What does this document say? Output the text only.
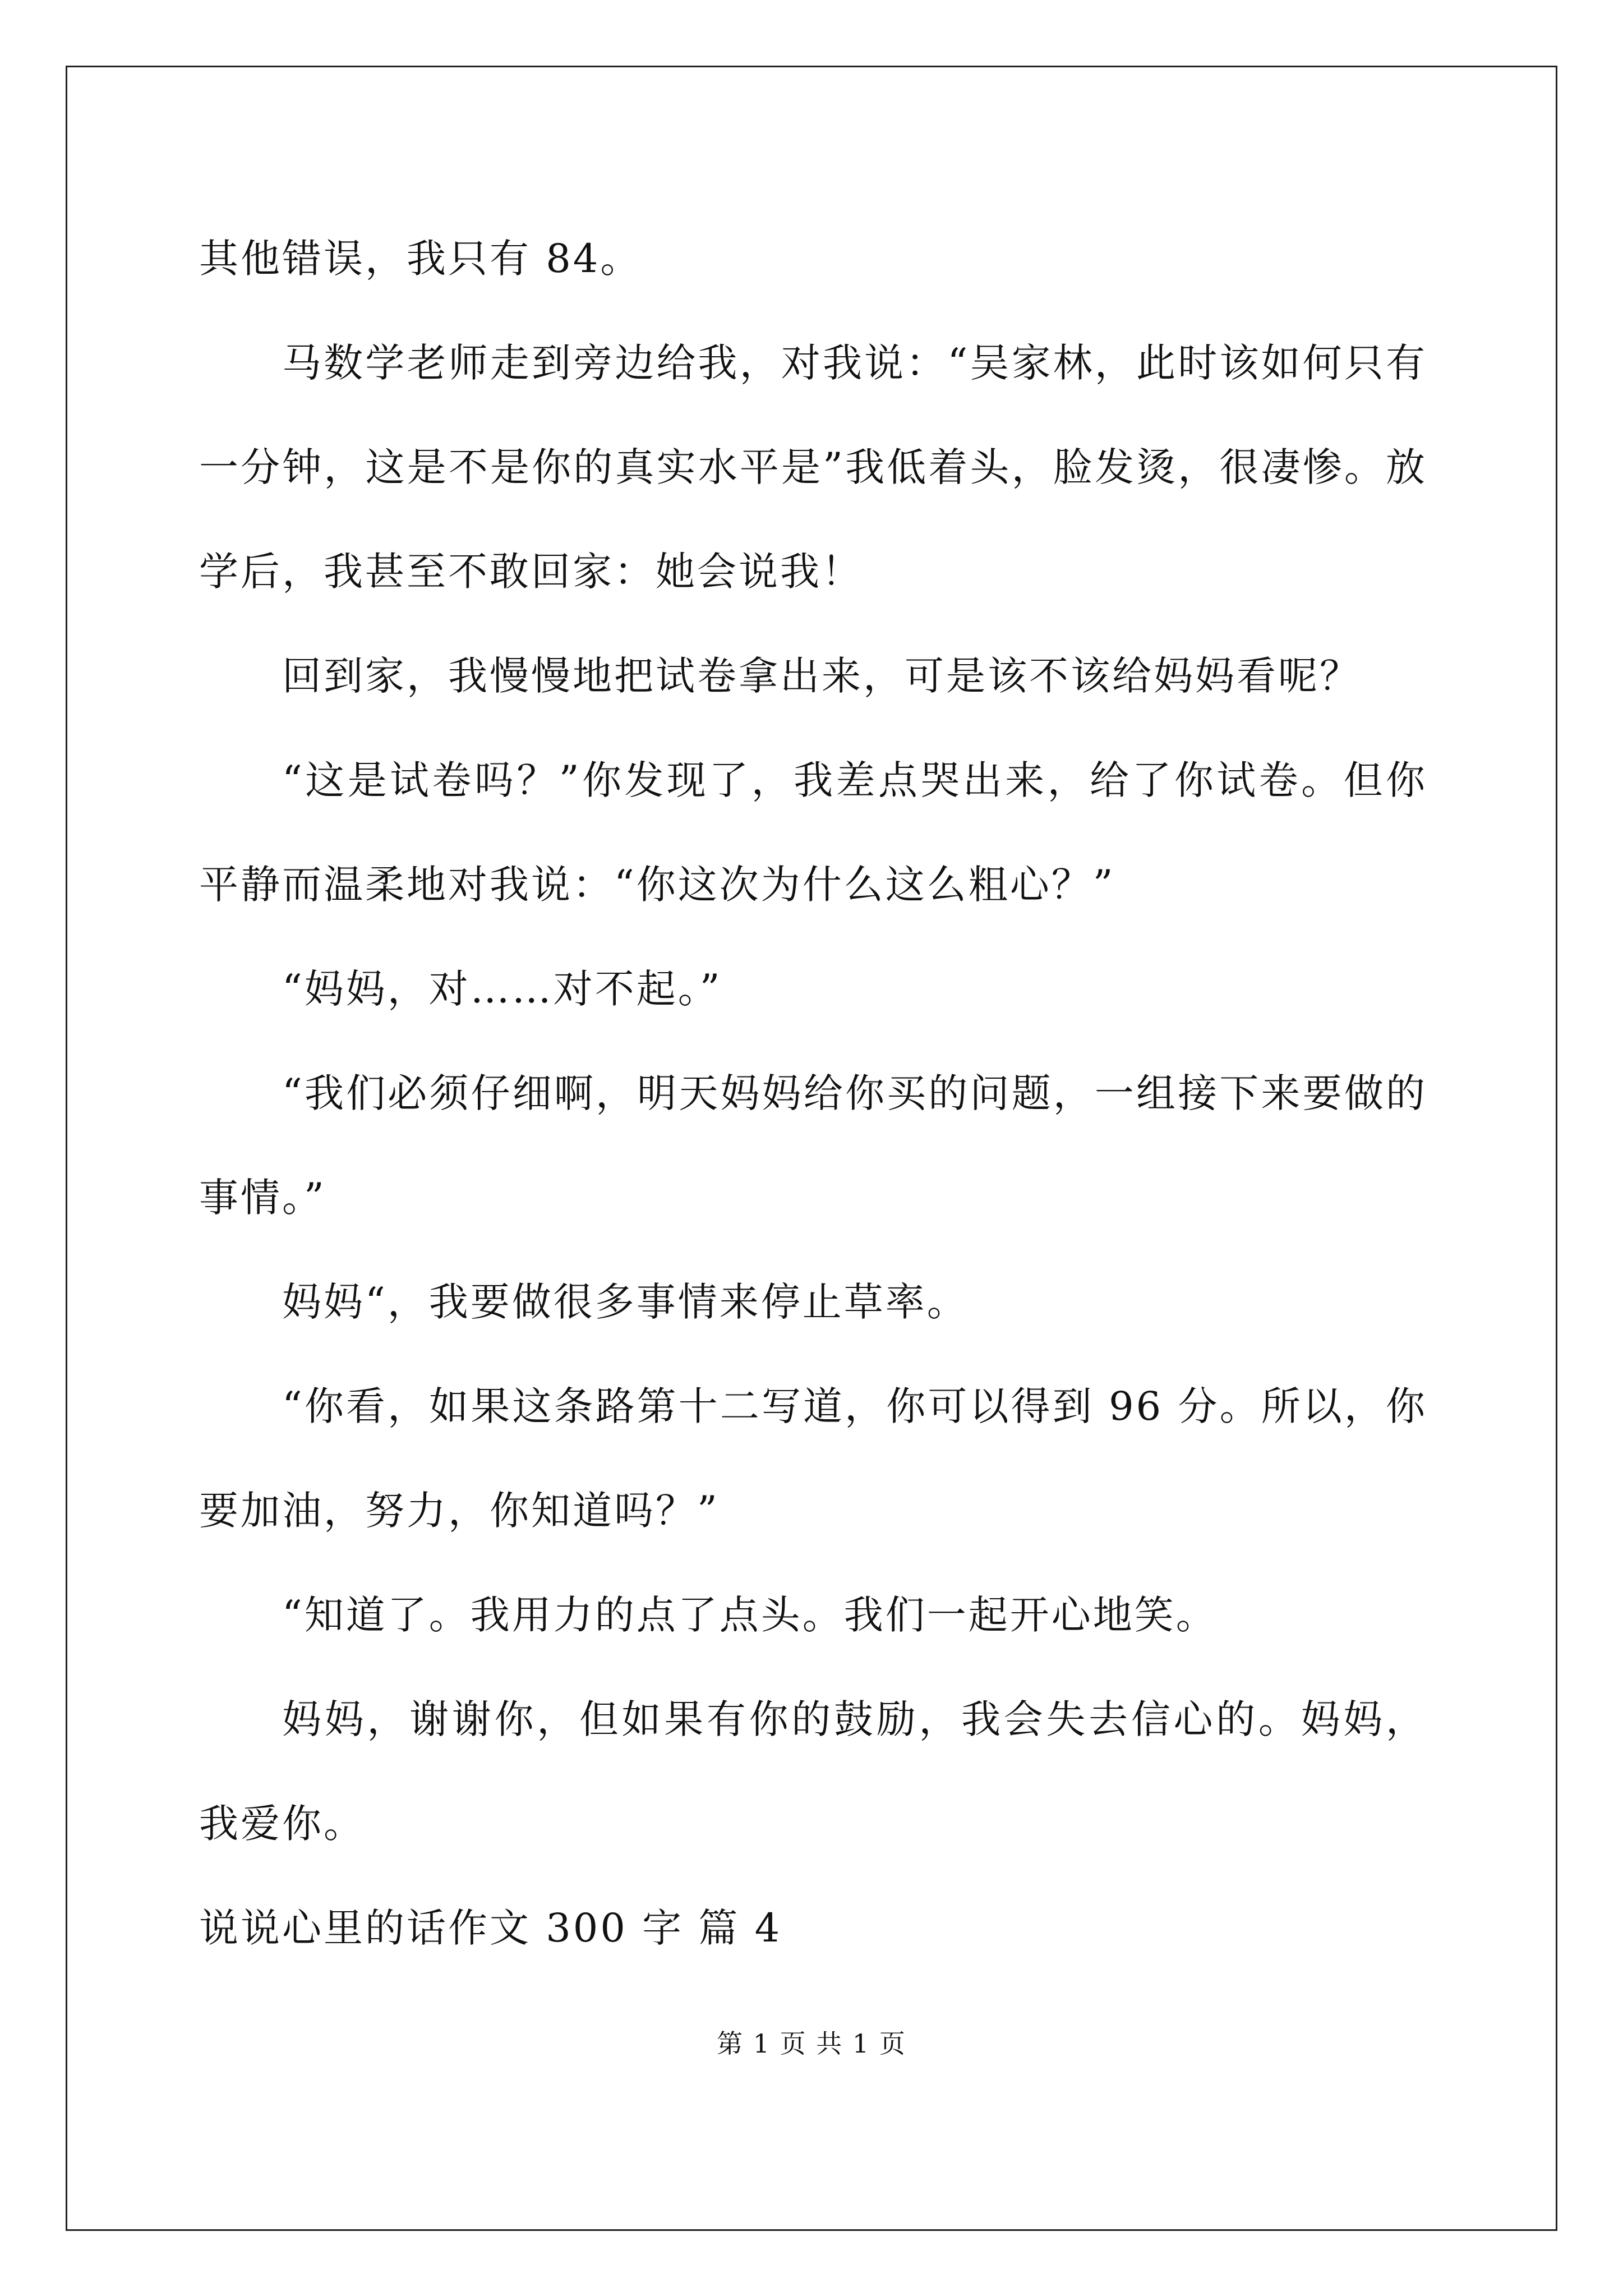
其他错误，我只有 84。

马数学老师走到旁边给我，对我说：“吴家林，此时该如何只有一分钟，这是不是你的真实水平是”我低着头，脸发烫，很凄惨。放学后，我甚至不敢回家：她会说我！

回到家，我慢慢地把试卷拿出来，可是该不该给妈妈看呢？

“这是试卷吗？”你发现了，我差点哭出来，给了你试卷。但你平静而温柔地对我说：“你这次为什么这么粗心？”

“妈妈，对……对不起。”

“我们必须仔细啊，明天妈妈给你买的问题，一组接下来要做的事情。”

妈妈“，我要做很多事情来停止草率。

“你看，如果这条路第十二写道，你可以得到 96 分。所以，你要加油，努力，你知道吗？”

“知道了。我用力的点了点头。我们一起开心地笑。

妈妈，谢谢你，但如果有你的鼓励，我会失去信心的。妈妈，我爱你。

说说心里的话作文 300 字 篇 4

第 1 页 共 1 页
